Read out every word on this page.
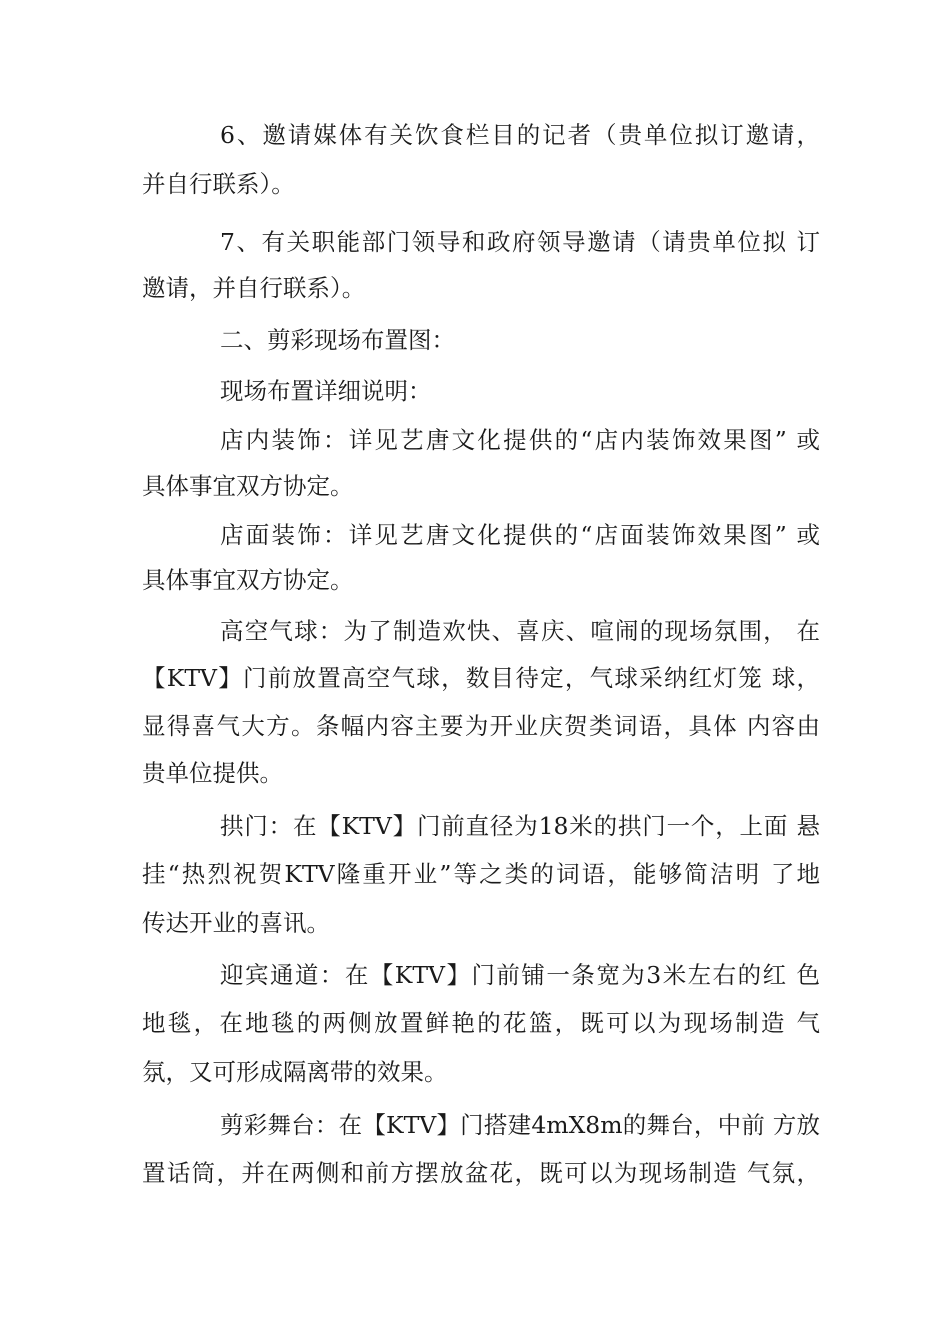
6、邀请媒体有关饮食栏目的记者（贵单位拟订邀请，
并自行联系）。
7、有关职能部门领导和政府领导邀请（请贵单位拟 订
邀请，并自行联系）。
二、剪彩现场布置图：
现场布置详细说明：
店内装饰：详见艺唐文化提供的“店内装饰效果图” 或
具体事宜双方协定。
店面装饰：详见艺唐文化提供的“店面装饰效果图” 或
具体事宜双方协定。
高空气球：为了制造欢快、喜庆、喧闹的现场氛围， 在
【KTV】门前放置高空气球，数目待定，气球采纳红灯笼 球，
显得喜气大方。条幅内容主要为开业庆贺类词语，具体 内容由
贵单位提供。
拱门：在【KTV】门前直径为18米的拱门一个，上面 悬
挂“热烈祝贺KTV隆重开业”等之类的词语，能够简洁明 了地
传达开业的喜讯。
迎宾通道：在【KTV】门前铺一条宽为3米左右的红 色
地毯，在地毯的两侧放置鲜艳的花篮，既可以为现场制造 气
氛，又可形成隔离带的效果。
剪彩舞台：在【KTV】门搭建4mX8m的舞台，中前 方放
置话筒，并在两侧和前方摆放盆花，既可以为现场制造 气氛，
